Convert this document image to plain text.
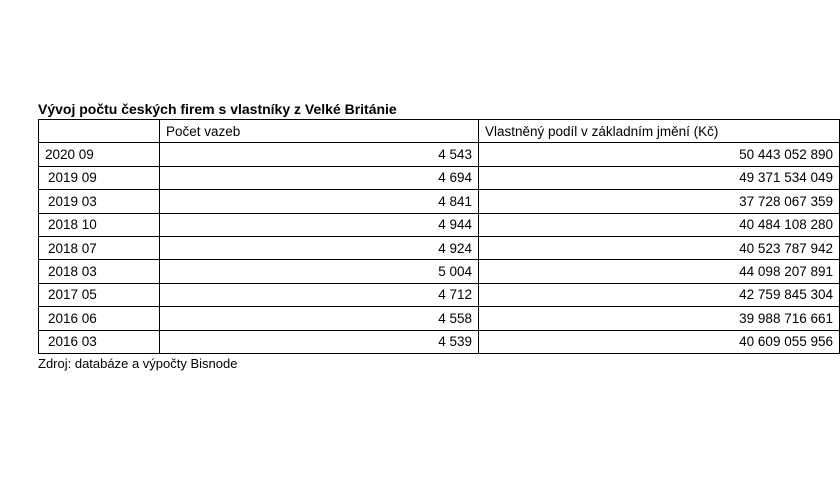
Vývoj počtu českých firem s vlastníky z Velké Británie
	Počet vazeb	Vlastněný podíl v základním jmění (Kč)
2020 09	4 543	50 443 052 890
2019 09	4 694	49 371 534 049
2019 03	4 841	37 728 067 359
2018 10	4 944	40 484 108 280
2018 07	4 924	40 523 787 942
2018 03	5 004	44 098 207 891
2017 05	4 712	42 759 845 304
2016 06	4 558	39 988 716 661
2016 03	4 539	40 609 055 956
Zdroj: databáze a výpočty Bisnode
